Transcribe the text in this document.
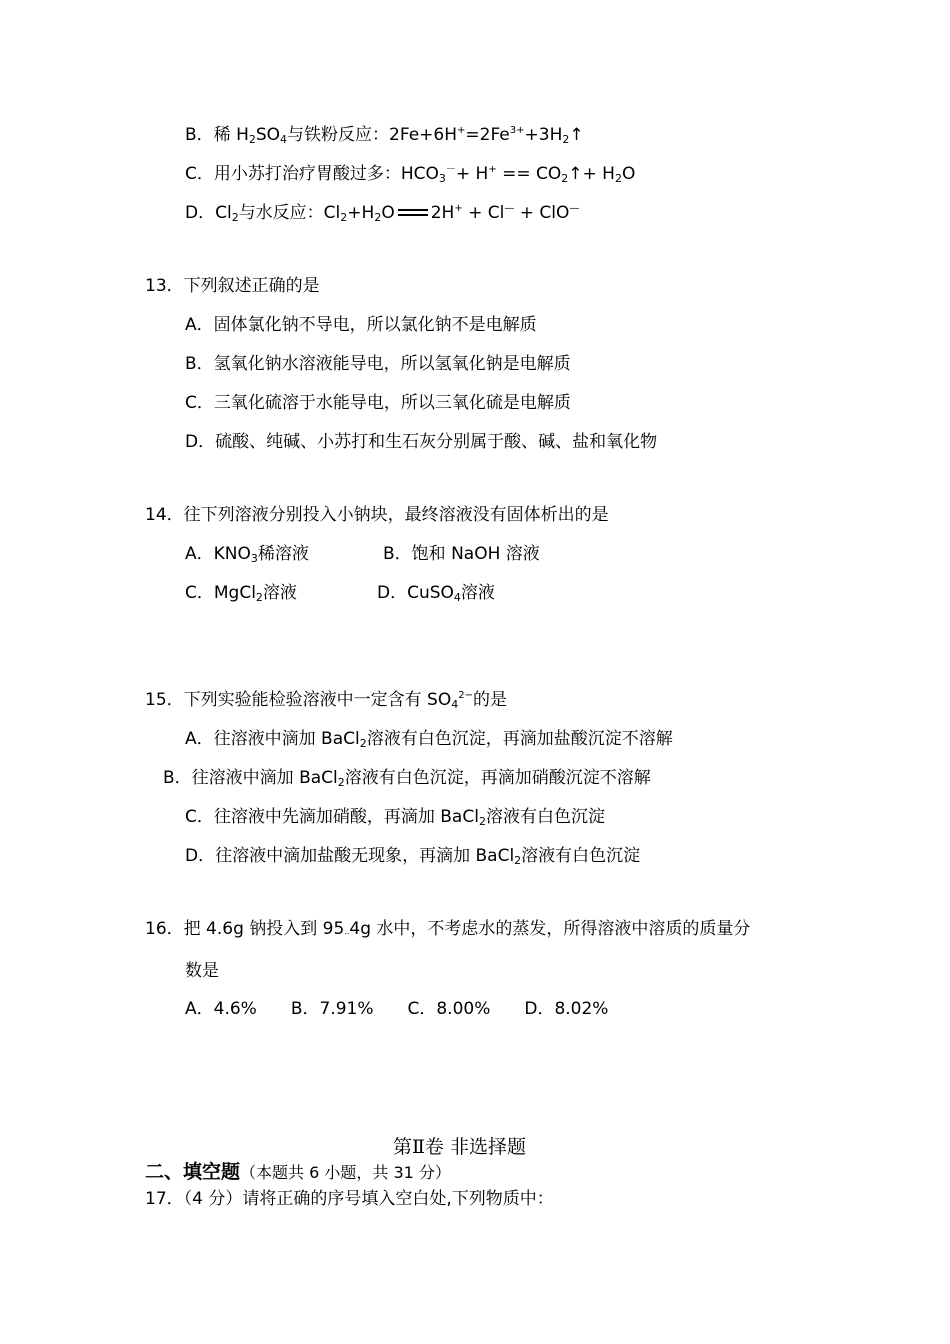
B．稀 $H_2SO_4$与铁粉反应：$2Fe+6H^+=2Fe^{3+}+3H_2↑$
C．用小苏打治疗胃酸过多：$HCO_3^-+ H^+$ == $CO_2↑+ H_2O$
D．$Cl_2$与水反应：$Cl_2+H_2O$ 2H+ + Cl— + ClO—
13．下列叙述正确的是
A．固体氯化钠不导电，所以氯化钠不是电解质
B．氢氧化钠水溶液能导电，所以氢氧化钠是电解质
C．三氧化硫溶于水能导电，所以三氧化硫是电解质
D．硫酸、纯碱、小苏打和生石灰分别属于酸、碱、盐和氧化物
14．往下列溶液分别投入小钠块，最终溶液没有固体析出的是
A．$KNO_3$稀溶液	B．饱和 NaOH 溶液
C．MgCl$_2$溶液	D．CuSO$_4$溶液
15．下列实验能检验溶液中一定含有 $SO_4^{2-}$的是
A．往溶液中滴加 BaCl$_2$溶液有白色沉淀，再滴加盐酸沉淀不溶解
B．往溶液中滴加 BaCl$_2$溶液有白色沉淀，再滴加硝酸沉淀不溶解
C．往溶液中先滴加硝酸，再滴加 BaCl$_2$溶液有白色沉淀
D．往溶液中滴加盐酸无现象，再滴加 BaCl$_2$溶液有白色沉淀
16．把 4.6g 钠投入到 95..4g 水中，不考虑水的蒸发，所得溶液中溶质的质量分
数是
A．4.6%　　B．7.91%　　C．8.00%　　D．8.02%
第Ⅱ卷 非选择题
二、填空题（本题共 6 小题，共 31 分）
17．（4 分）请将正确的序号填入空白处,下列物质中：
